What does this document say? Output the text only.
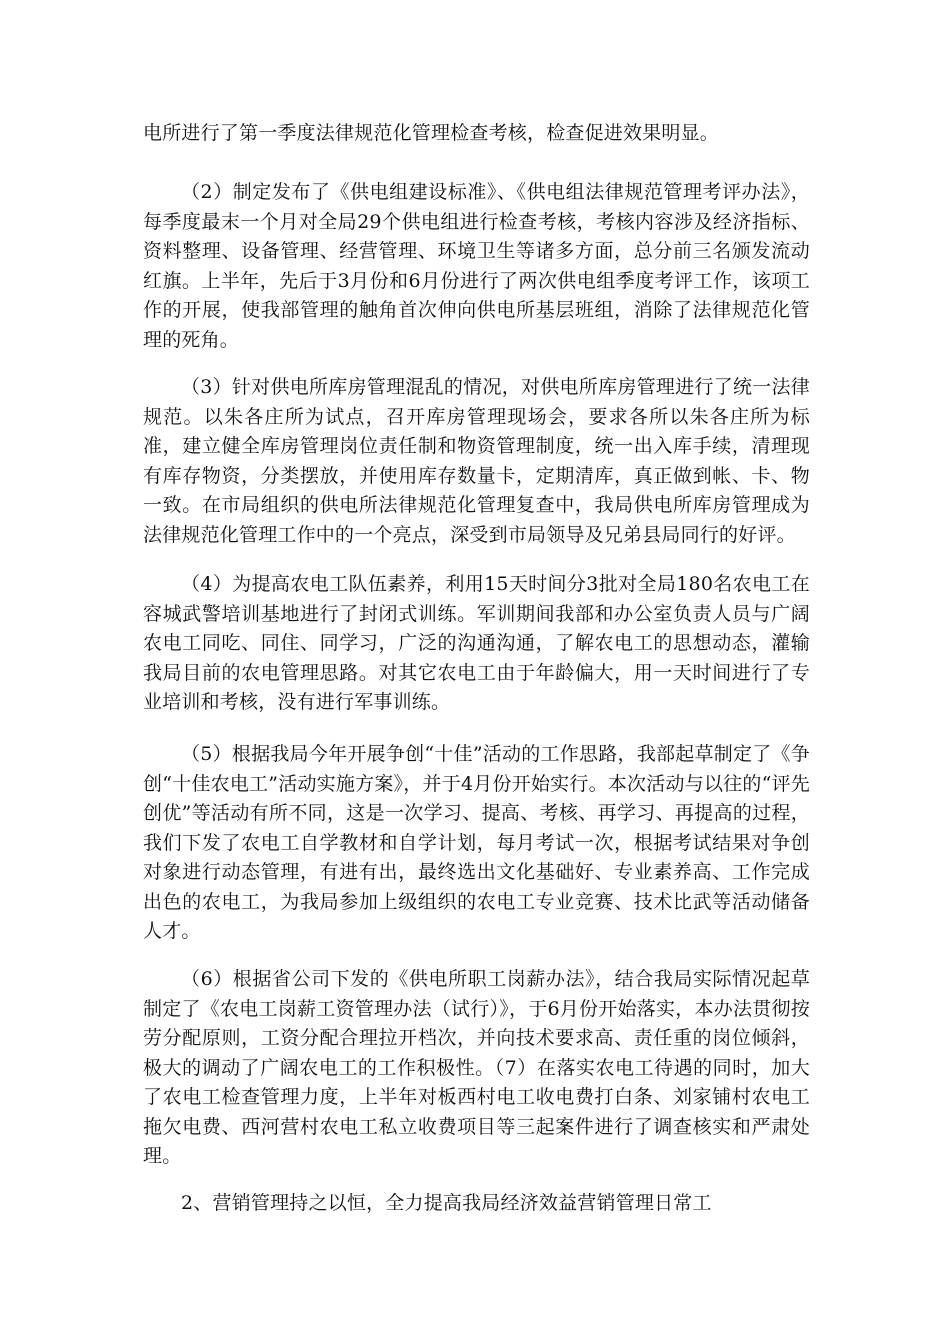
电所进行了第一季度法律规范化管理检查考核，检查促进效果明显。

（2）制定发布了《供电组建设标准》、《供电组法律规范管理考评办法》，每季度最末一个月对全局29个供电组进行检查考核，考核内容涉及经济指标、资料整理、设备管理、经营管理、环境卫生等诸多方面，总分前三名颁发流动红旗。上半年，先后于3月份和6月份进行了两次供电组季度考评工作，该项工作的开展，使我部管理的触角首次伸向供电所基层班组，消除了法律规范化管理的死角。

（3）针对供电所库房管理混乱的情况，对供电所库房管理进行了统一法律规范。以朱各庄所为试点，召开库房管理现场会，要求各所以朱各庄所为标准，建立健全库房管理岗位责任制和物资管理制度，统一出入库手续，清理现有库存物资，分类摆放，并使用库存数量卡，定期清库，真正做到帐、卡、物一致。在市局组织的供电所法律规范化管理复查中，我局供电所库房管理成为法律规范化管理工作中的一个亮点，深受到市局领导及兄弟县局同行的好评。

（4）为提高农电工队伍素养，利用15天时间分3批对全局180名农电工在容城武警培训基地进行了封闭式训练。军训期间我部和办公室负责人员与广阔农电工同吃、同住、同学习，广泛的沟通沟通，了解农电工的思想动态，灌输我局目前的农电管理思路。对其它农电工由于年龄偏大，用一天时间进行了专业培训和考核，没有进行军事训练。

（5）根据我局今年开展争创“十佳”活动的工作思路，我部起草制定了《争创“十佳农电工”活动实施方案》，并于4月份开始实行。本次活动与以往的“评先创优”等活动有所不同，这是一次学习、提高、考核、再学习、再提高的过程，我们下发了农电工自学教材和自学计划，每月考试一次，根据考试结果对争创对象进行动态管理，有进有出，最终选出文化基础好、专业素养高、工作完成出色的农电工，为我局参加上级组织的农电工专业竞赛、技术比武等活动储备人才。

（6）根据省公司下发的《供电所职工岗薪办法》，结合我局实际情况起草制定了《农电工岗薪工资管理办法（试行）》，于6月份开始落实，本办法贯彻按劳分配原则，工资分配合理拉开档次，并向技术要求高、责任重的岗位倾斜，极大的调动了广阔农电工的工作积极性。（7）在落实农电工待遇的同时，加大了农电工检查管理力度，上半年对板西村电工收电费打白条、刘家铺村农电工拖欠电费、西河营村农电工私立收费项目等三起案件进行了调查核实和严肃处理。

2、营销管理持之以恒，全力提高我局经济效益营销管理日常工
